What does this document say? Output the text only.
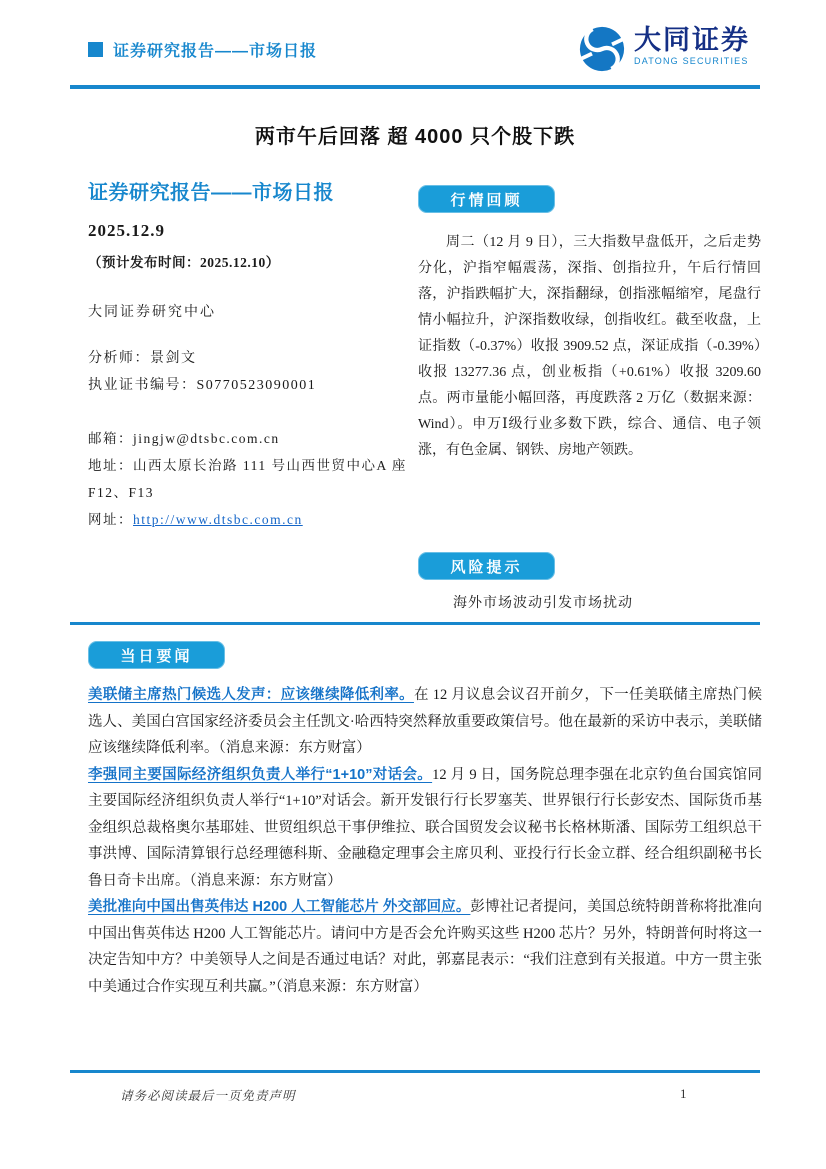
证券研究报告——市场日报	大同证券
DATONG SECURITIES
两市午后回落 超 4000 只个股下跌
证券研究报告——市场日报
2025.12.9
（预计发布时间：2025.12.10）
大同证券研究中心
分析师：景剑文
执业证书编号：S0770523090001
邮箱：jingjw@dtsbc.com.cn
地址：山西太原长治路 111 号山西世贸中心A 座 F12、F13
网址：http://www.dtsbc.com.cn
行情回顾
周二（12 月 9 日），三大指数早盘低开，之后走势分化，沪指窄幅震荡，深指、创指拉升，午后行情回落，沪指跌幅扩大，深指翻绿，创指涨幅缩窄，尾盘行情小幅拉升，沪深指数收绿，创指收红。截至收盘，上证指数（-0.37%）收报 3909.52 点，深证成指（-0.39%）收报 13277.36 点，创业板指（+0.61%）收报 3209.60 点。两市量能小幅回落，再度跌落 2 万亿（数据来源：Wind）。申万Ⅰ级行业多数下跌，综合、通信、电子领涨，有色金属、钢铁、房地产领跌。
风险提示
海外市场波动引发市场扰动
当日要闻

美联储主席热门候选人发声：应该继续降低利率。在 12 月议息会议召开前夕，下一任美联储主席热门候选人、美国白宫国家经济委员会主任凯文·哈西特突然释放重要政策信号。他在最新的采访中表示，美联储应该继续降低利率。（消息来源：东方财富）

李强同主要国际经济组织负责人举行“1+10”对话会。12 月 9 日，国务院总理李强在北京钓鱼台国宾馆同主要国际经济组织负责人举行“1+10”对话会。新开发银行行长罗塞芙、世界银行行长彭安杰、国际货币基金组织总裁格奥尔基耶娃、世贸组织总干事伊维拉、联合国贸发会议秘书长格林斯潘、国际劳工组织总干事洪博、国际清算银行总经理德科斯、金融稳定理事会主席贝利、亚投行行长金立群、经合组织副秘书长鲁日奇卡出席。（消息来源：东方财富）

美批准向中国出售英伟达 H200 人工智能芯片 外交部回应。彭博社记者提问，美国总统特朗普称将批准向中国出售英伟达 H200 人工智能芯片。请问中方是否会允许购买这些 H200 芯片？另外，特朗普何时将这一决定告知中方？中美领导人之间是否通过电话？对此，郭嘉昆表示：“我们注意到有关报道。中方一贯主张中美通过合作实现互利共赢。”（消息来源：东方财富）

请务必阅读最后一页免责声明	1
